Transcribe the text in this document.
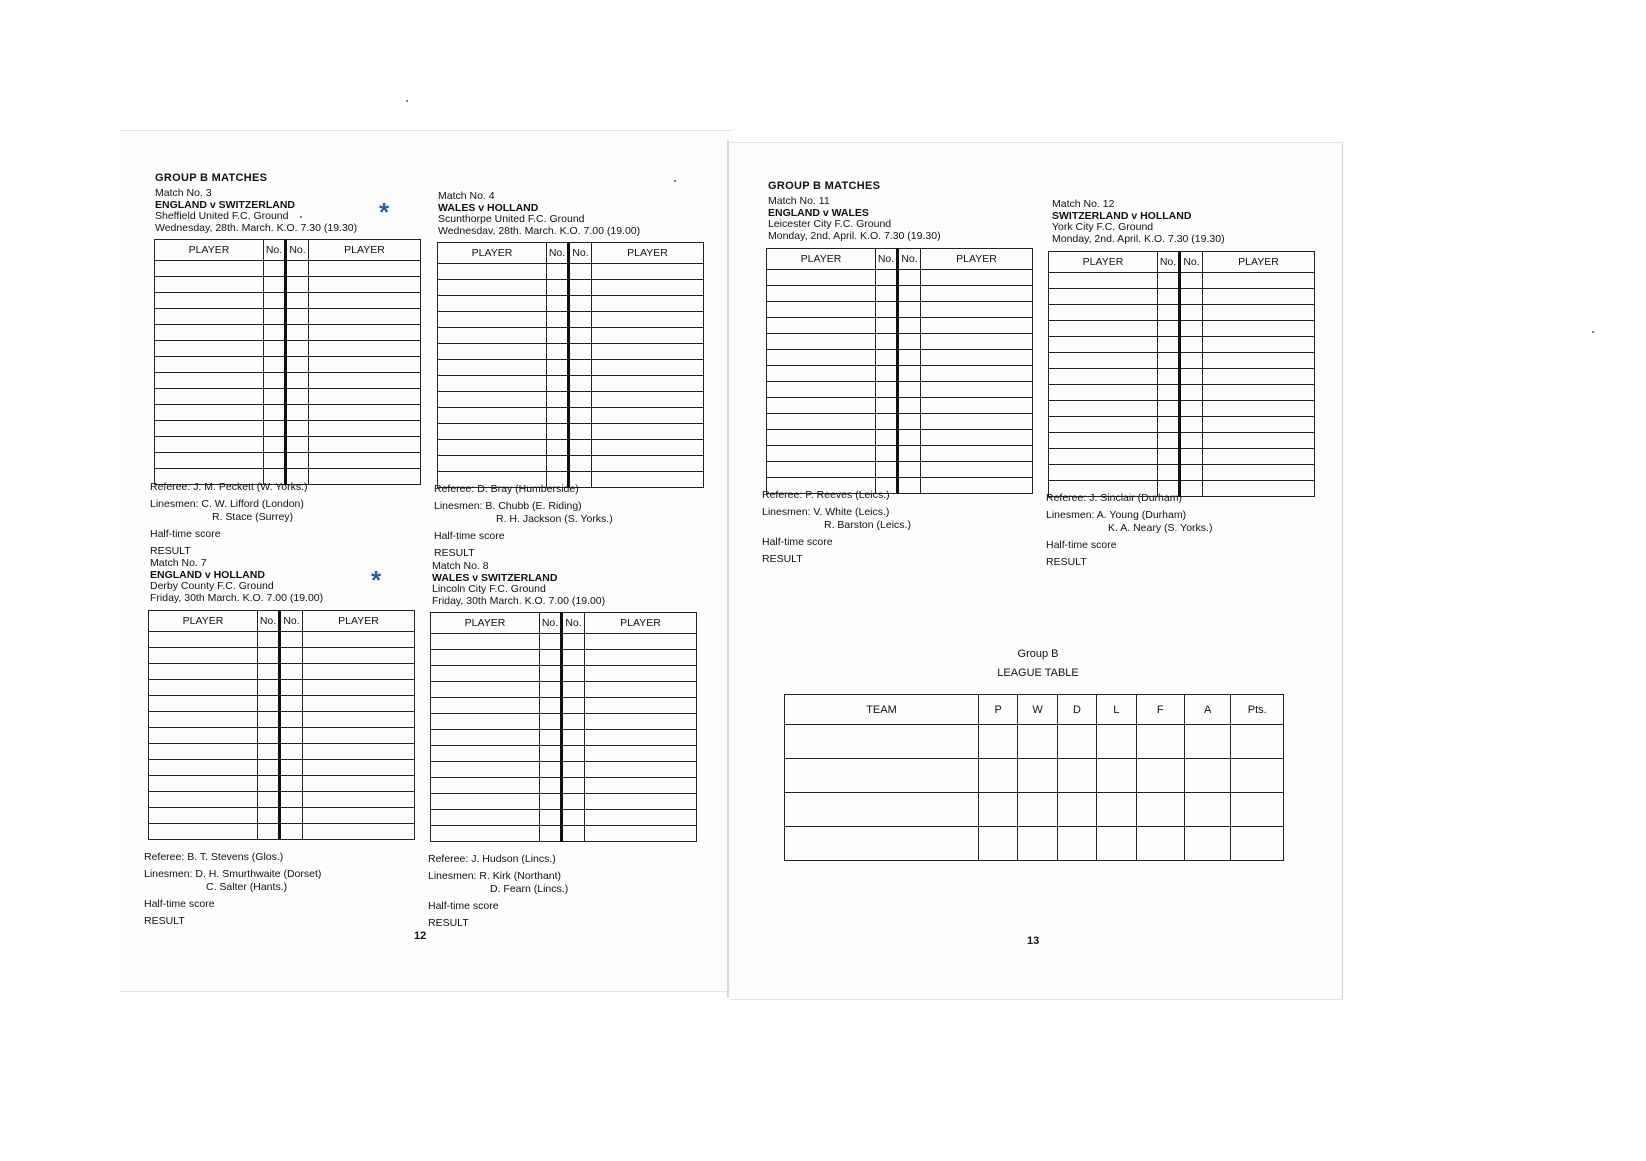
GROUP B MATCHES
Match No. 3
ENGLAND v SWITZERLAND
Sheffield United F.C. Ground
Wednesday, 28th. March. K.O. 7.30 (19.30)
*
PLAYER	No.	No.	PLAYER

Referee: J. M. Peckett (W. Yorks.)
Linesmen: C. W. Lifford (London)
R. Stace (Surrey)
Half-time score
RESULT
Match No. 4
WALES v HOLLAND
Scunthorpe United F.C. Ground
Wednesdav, 28th. March. K.O. 7.00 (19.00)
PLAYER	No.	No.	PLAYER

Referee: D. Bray (Humberside)
Linesmen: B. Chubb (E. Riding)
R. H. Jackson (S. Yorks.)
Half-time score
RESULT
Match No. 7
ENGLAND v HOLLAND
Derby County F.C. Ground
Friday, 30th March. K.O. 7.00 (19.00)
*
PLAYER	No.	No.	PLAYER

Referee: B. T. Stevens (Glos.)
Linesmen: D. H. Smurthwaite (Dorset)
C. Salter (Hants.)
Half-time score
RESULT
Match No. 8
WALES v SWITZERLAND
Lincoln City F.C. Ground
Friday, 30th March. K.O. 7.00 (19.00)
PLAYER	No.	No.	PLAYER

Referee: J. Hudson (Lincs.)
Linesmen: R. Kirk (Northant)
D. Fearn (Lincs.)
Half-time score
RESULT
12
GROUP B MATCHES
Match No. 11
ENGLAND v WALES
Leicester City F.C. Ground
Monday, 2nd. April. K.O. 7.30 (19.30)
PLAYER	No.	No.	PLAYER

Referee: P. Reeves (Leics.)
Linesmen: V. White (Leics.)
R. Barston (Leics.)
Half-time score
RESULT
Match No. 12
SWITZERLAND v HOLLAND
York City F.C. Ground
Monday, 2nd. April. K.O. 7.30 (19.30)
PLAYER	No.	No.	PLAYER

Referee: J. Sinclair (Durham)
Linesmen: A. Young (Durham)
K. A. Neary (S. Yorks.)
Half-time score
RESULT
Group B
LEAGUE TABLE
TEAM	P	W	D	L	F	A	Pts.

13
